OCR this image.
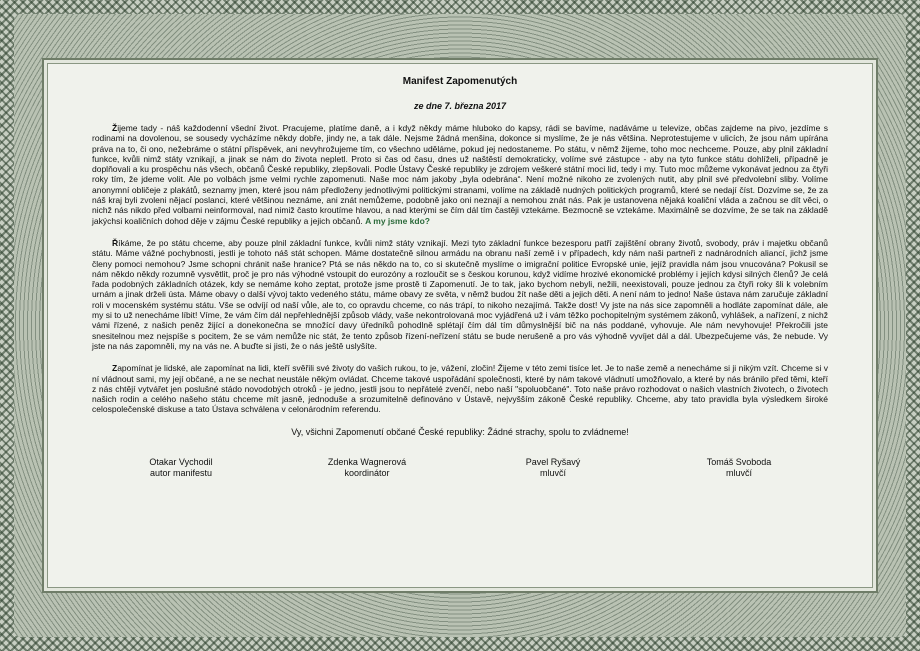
Manifest Zapomenutých
ze dne 7. března 2017

Žijeme tady - náš každodenní všední život. Pracujeme, platíme daně, a i když někdy máme hluboko do kapsy, rádi se bavíme, nadáváme u televize, občas zajdeme na pivo, jezdíme s rodinami na dovolenou, se sousedy vycházíme někdy dobře, jindy ne, a tak dále. Nejsme žádná menšina, dokonce si myslíme, že je nás většina. Neprotestujeme v ulicích, že jsou nám upírána práva na to, či ono, nežebráme o státní příspěvek, ani nevyhrožujeme tím, co všechno uděláme, pokud jej nedostaneme. Po státu, v němž žijeme, toho moc nechceme. Pouze, aby plnil základní funkce, kvůli nimž státy vznikají, a jinak se nám do života nepletl. Proto si čas od času, dnes už naštěstí demokraticky, volíme své zástupce - aby na tyto funkce státu dohlíželi, případně je doplňovali a ku prospěchu nás všech, občanů České republiky, zlepšovali. Podle Ústavy České republiky je zdrojem veškeré státní moci lid, tedy i my. Tuto moc můžeme vykonávat jednou za čtyři roky tím, že jdeme volit. Ale po volbách jsme velmi rychle zapomenuti. Naše moc nám jakoby „byla odebrána“. Není možné nikoho ze zvolených nutit, aby plnil své předvolební sliby. Volíme anonymní obličeje z plakátů, seznamy jmen, které jsou nám předloženy jednotlivými politickými stranami, volíme na základě nudných politických programů, které se nedají číst. Dozvíme se, že za náš kraj byli zvoleni nějací poslanci, které většinou neznáme, ani znát nemůžeme, podobně jako oni neznají a nemohou znát nás. Pak je ustanovena nějaká koaliční vláda a začnou se dít věci, o nichž nás nikdo před volbami neinformoval, nad nimiž často kroutíme hlavou, a nad kterými se čím dál tím častěji vztekáme. Bezmocně se vztekáme. Maximálně se dozvíme, že se tak na základě jakýchsi koaličních dohod děje v zájmu České republiky a jejich občanů. A my jsme kdo?

Říkáme, že po státu chceme, aby pouze plnil základní funkce, kvůli nimž státy vznikají. Mezi tyto základní funkce bezesporu patří zajištění obrany životů, svobody, práv i majetku občanů státu. Máme vážné pochybnosti, jestli je tohoto náš stát schopen. Máme dostatečně silnou armádu na obranu naší země i v případech, kdy nám naši partneři z nadnárodních aliancí, jichž jsme členy pomoci nemohou? Jsme schopni chránit naše hranice? Ptá se nás někdo na to, co si skutečně myslíme o imigrační politice Evropské unie, jejíž pravidla nám jsou vnucována? Pokusil se nám někdo někdy rozumně vysvětlit, proč je pro nás výhodné vstoupit do eurozóny a rozloučit se s českou korunou, když vidíme hrozivé ekonomické problémy i jejích kdysi silných členů? Je celá řada podobných základních otázek, kdy se nemáme koho zeptat, protože jsme prostě ti Zapomenutí. Je to tak, jako bychom nebyli, nežili, neexistovali, pouze jednou za čtyři roky šli k volebním urnám a jinak drželi ústa. Máme obavy o další vývoj takto vedeného státu, máme obavy ze světa, v němž budou žít naše děti a jejich děti. A není nám to jedno! Naše ústava nám zaručuje základní roli v mocenském systému státu. Vše se odvíjí od naší vůle, ale to, co opravdu chceme, co nás trápí, to nikoho nezajímá. Takže dost! Vy jste na nás sice zapomněli a hodláte zapomínat dále, ale my si to už nenecháme líbit! Víme, že vám čím dál nepřehlednější způsob vlády, vaše nekontrolovaná moc vyjádřená už i vám těžko pochopitelným systémem zákonů, vyhlášek, a nařízení, z nichž vámi řízené, z našich peněz žijící a donekonečna se množící davy úředníků pohodlně splétají čím dál tím důmyslnější bič na nás poddané, vyhovuje. Ale nám nevyhovuje! Překročili jste snesitelnou mez nejspíše s pocitem, že se vám nemůže nic stát, že tento způsob řízení-neřízení státu se bude nerušeně a pro vás výhodně vyvíjet dál a dál. Ubezpečujeme vás, že nebude. Vy jste na nás zapomněli, my na vás ne. A buďte si jisti, že o nás ještě uslyšíte.

Zapomínat je lidské, ale zapomínat na lidi, kteří svěřili své životy do vašich rukou, to je, vážení, zločin! Žijeme v této zemi tisíce let. Je to naše země a nenecháme si ji nikým vzít. Chceme si v ní vládnout sami, my její občané, a ne se nechat neustále někým ovládat. Chceme takové uspořádání společnosti, které by nám takové vládnutí umožňovalo, a které by nás bránilo před těmi, kteří z nás chtějí vytvářet jen poslušné stádo novodobých otroků - je jedno, jestli jsou to nepřátelé zvenčí, nebo naší "spoluobčané". Toto naše právo rozhodovat o našich vlastních životech, o životech našich rodin a celého našeho státu chceme mít jasně, jednoduše a srozumitelně definováno v Ústavě, nejvyšším zákoně České republiky. Chceme, aby tato pravidla byla výsledkem široké celospolečenské diskuse a tato Ústava schválena v celonárodním referendu.

Vy, všichni Zapomenutí občané České republiky: Žádné strachy, spolu to zvládneme!
Otakar Vychodil
autor manifestu
Zdenka Wagnerová
koordinátor
Pavel Ryšavý
mluvčí
Tomáš Svoboda
mluvčí
